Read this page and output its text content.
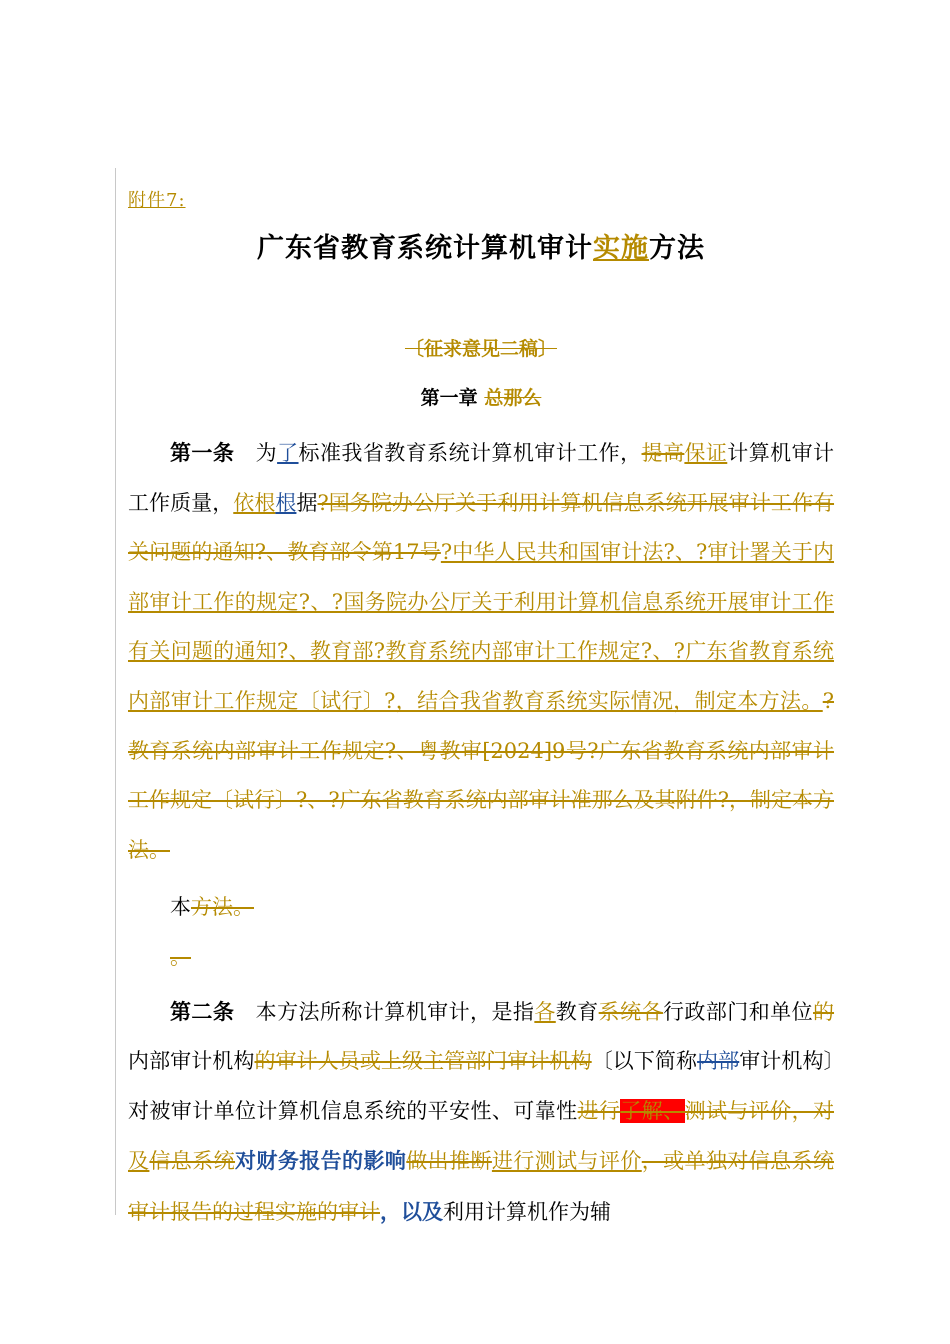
附件7:
广东省教育系统计算机审计实施方法
〔征求意见二稿〕
第一章 总那么

第一条 为了标准我省教育系统计算机审计工作，提高保证计算机审计工作质量，依根根据?国务院办公厅关于利用计算机信息系统开展审计工作有关问题的通知?、教育部令第17号?中华人民共和国审计法?、?审计署关于内部审计工作的规定?、?国务院办公厅关于利用计算机信息系统开展审计工作有关问题的通知?、教育部?教育系统内部审计工作规定?、?广东省教育系统内部审计工作规定〔试行〕?，结合我省教育系统实际情况，制定本方法。?教育系统内部审计工作规定?、粤教审[2024]9号?广东省教育系统内部审计工作规定〔试行〕?、?广东省教育系统内部审计准那么及其附件?，制定本方法。

本方法。

。

第二条 本方法所称计算机审计，是指各教育系统各行政部门和单位的内部审计机构的审计人员或上级主管部门审计机构〔以下简称内部审计机构〕对被审计单位计算机信息系统的平安性、可靠性进行了解、测试与评价，对及信息系统对财务报告的影响做出推断进行测试与评价，或单独对信息系统审计报告的过程实施的审计，以及利用计算机作为辅
